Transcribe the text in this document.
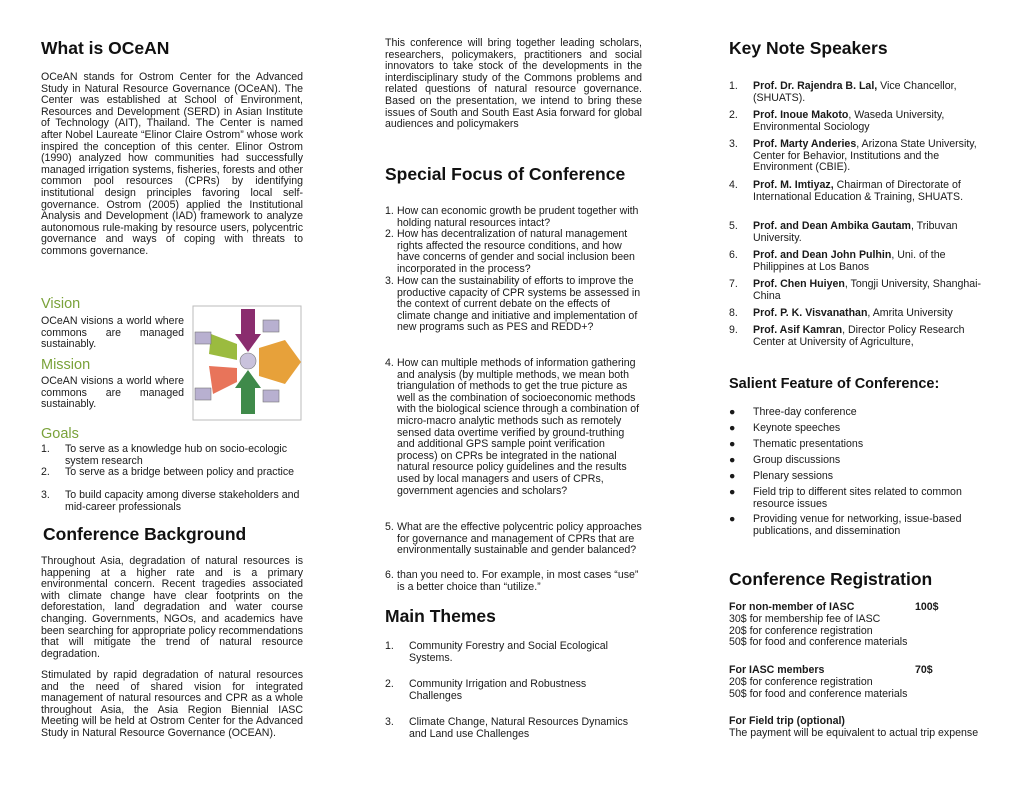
What is OCeAN

OCeAN stands for Ostrom Center for the Advanced Study in Natural Resource Governance (OCeAN). The Center was established at School of Environment, Resources and Development (SERD) in Asian Institute of Technology (AIT), Thailand. The Center is named after Nobel Laureate “Elinor Claire Ostrom” whose work inspired the conception of this center. Elinor Ostrom (1990) analyzed how communities had successfully managed irrigation systems, fisheries, forests and other common pool resources (CPRs) by identifying institutional design principles favoring local self-governance. Ostrom (2005) applied the Institutional Analysis and Development (IAD) framework to analyze autonomous rule-making by resource users, polycentric governance and ways of coping with threats to commons governance.

Vision

OCeAN visions a world where commons are managed sustainably.

Mission

OCeAN visions a world where commons are managed sustainably.

Goals
1. To serve as a knowledge hub on socio-ecologic system research
2. To serve as a bridge between policy and practice
3. To build capacity among diverse stakeholders and mid-career professionals
Conference Background

Throughout Asia, degradation of natural resources is happening at a higher rate and is a primary environmental concern. Recent tragedies associated with climate change have clear footprints on the deforestation, land degradation and water course changing. Governments, NGOs, and academics have been searching for appropriate policy recommendations that will mitigate the trend of natural resource degradation.

Stimulated by rapid degradation of natural resources and the need of shared vision for integrated management of natural resources and CPR as a whole throughout Asia, the Asia Region Biennial IASC Meeting will be held at Ostrom Center for the Advanced Study in Natural Resource Governance (OCEAN).

This conference will bring together leading scholars, researchers, policymakers, practitioners and social innovators to take stock of the developments in the interdisciplinary study of the Commons problems and related questions of natural resource governance. Based on the presentation, we intend to bring these issues of South and South East Asia forward for global audiences and policymakers

Special Focus of Conference
1. How can economic growth be prudent together with holding natural resources intact?
2. How has decentralization of natural management rights affected the resource conditions, and how have concerns of gender and social inclusion been incorporated in the process?
3. How can the sustainability of efforts to improve the productive capacity of CPR systems be assessed in the context of current debate on the effects of climate change and initiative and implementation of new programs such as PES and REDD+?
4. How can multiple methods of information gathering and analysis (by multiple methods, we mean both triangulation of methods to get the true picture as well as the combination of socioeconomic methods with the biological science through a combination of micro-macro analytic methods such as remotely sensed data overtime verified by ground-truthing and additional GPS sample point verification process) on CPRs be integrated in the national natural resource policy guidelines and the results used by local managers and users of CPRs, government agencies and scholars?
5. What are the effective polycentric policy approaches for governance and management of CPRs that are environmentally sustainable and gender balanced?
6. than you need to. For example, in most cases “use” is a better choice than “utilize.”
Main Themes
1. Community Forestry and Social Ecological Systems.
2. Community Irrigation and Robustness Challenges
3. Climate Change, Natural Resources Dynamics and Land use Challenges
Key Note Speakers
1. Prof. Dr. Rajendra B. Lal, Vice Chancellor, (SHUATS).
2. Prof. Inoue Makoto, Waseda University, Environmental Sociology
3. Prof. Marty Anderies, Arizona State University, Center for Behavior, Institutions and the Environment (CBIE).
4. Prof. M. Imtiyaz, Chairman of Directorate of International Education & Training, SHUATS.
5. Prof. and Dean Ambika Gautam, Tribuvan University.
6. Prof. and Dean John Pulhin, Uni. of the Philippines at Los Banos
7. Prof. Chen Huiyen, Tongji University, Shanghai-China
8. Prof. P. K. Visvanathan, Amrita University
9. Prof. Asif Kamran, Director Policy Research Center at University of Agriculture,
Salient Feature of Conference:
● Three-day conference
● Keynote speeches
● Thematic presentations
● Group discussions
● Plenary sessions
● Field trip to different sites related to common resource issues
● Providing venue for networking, issue-based publications, and dissemination
Conference Registration
For non-member of IASC	100$
30$ for membership fee of IASC
20$ for conference registration
50$ for food and conference materials
For IASC members	70$
20$ for conference registration
50$ for food and conference materials
For Field trip (optional)
The payment will be equivalent to actual trip expense
